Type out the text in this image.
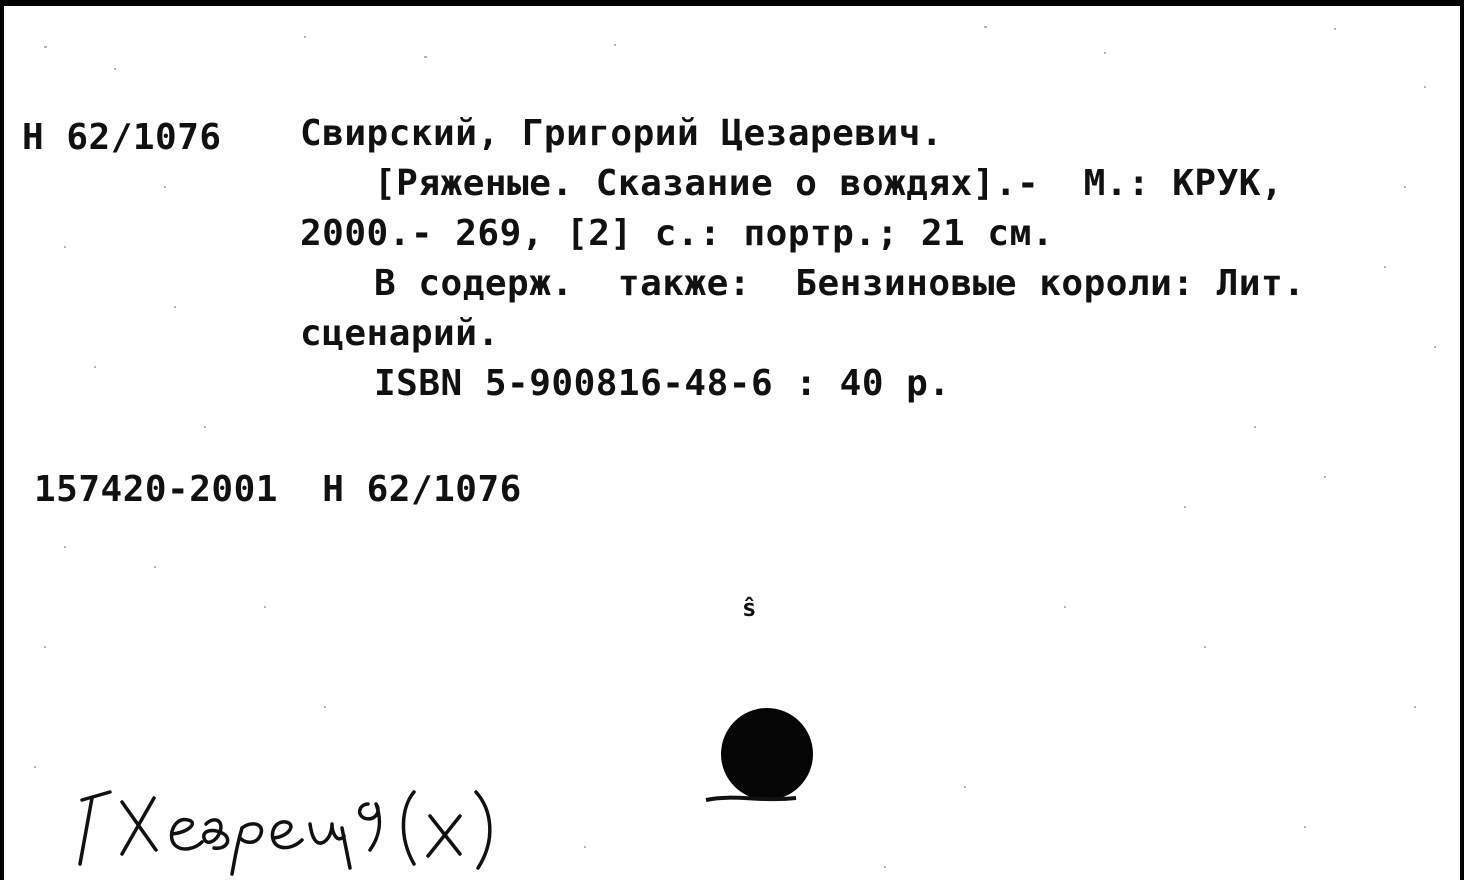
Н 62/1076 Свирский, Григорий Цезаревич.
[Ряженые. Сказание о вождях].-  М.: КРУК,
2000.- 269, [2] с.: портр.; 21 см.
В содерж.  также:  Бензиновые короли: Лит.
сценарий.
ISBN 5-900816-48-6 : 40 р.
157420-2001  Н 62/1076
ŝ
